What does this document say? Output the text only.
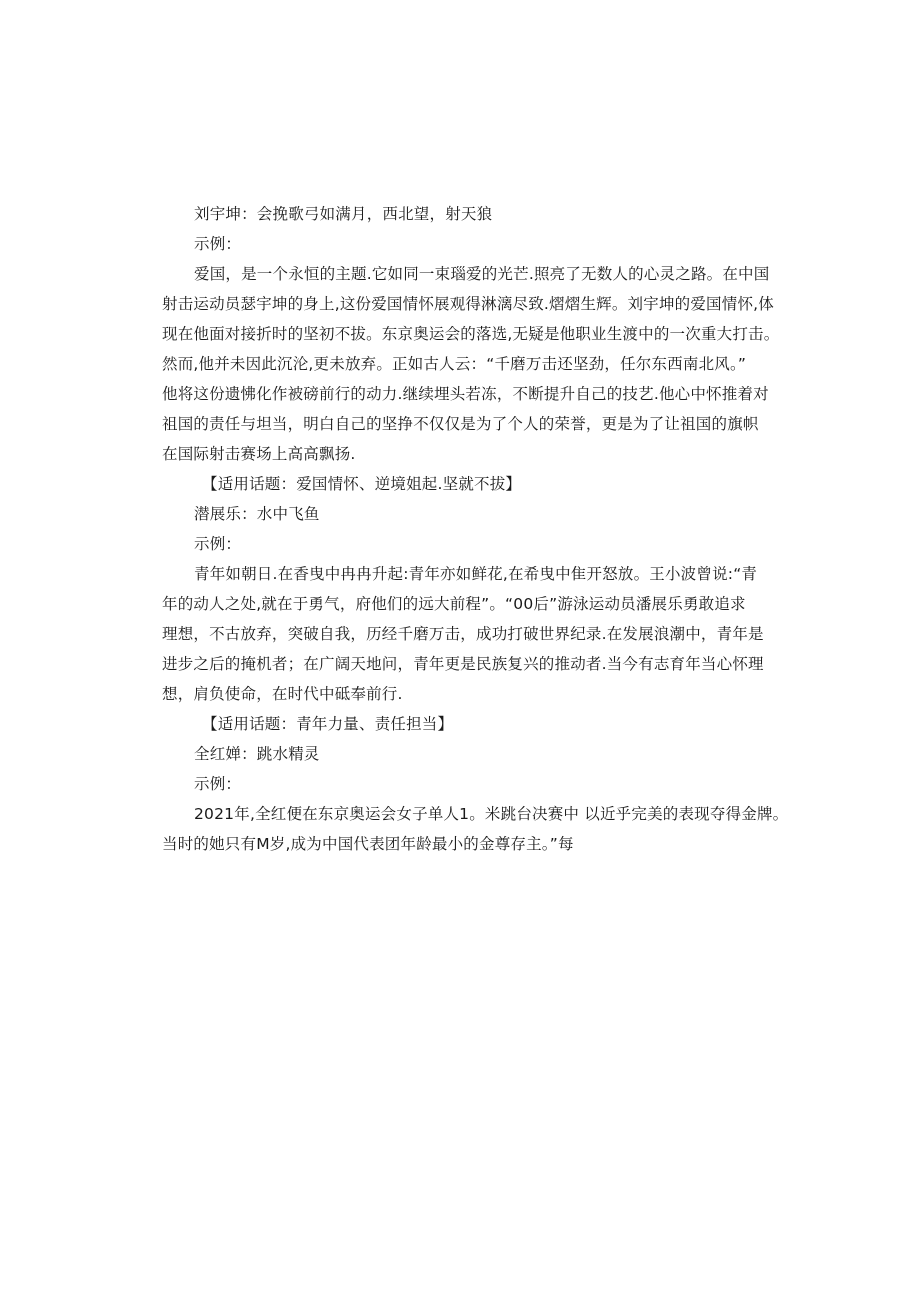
刘宇坤：会挽歌弓如满月，西北望，射天狼
示例：
爱国，是一个永恒的主题.它如同一束瑙爱的光芒.照亮了无数人的心灵之路。在中国
射击运动员瑟宇坤的身上,这份爱国情怀展观得淋漓尽致.熠熠生辉。刘宇坤的爱国情怀,体
现在他面对接折时的坚初不拔。东京奥运会的落选,无疑是他职业生渡中的一次重大打击。
然而,他并未因此沉沦,更未放弃。正如古人云：“千磨万击还坚劲，任尔东西南北风。”
他将这份遗怫化作被磅前行的动力.继续埋头若冻，不断提升自己的技艺.他心中怀推着对
祖国的责任与坦当，明白自己的坚挣不仅仅是为了个人的荣誉，更是为了让祖国的旗帜
在国际射击赛场上高高飘扬.
【适用话题：爱国情怀、逆境姐起.坚就不拔】
潜展乐：水中飞鱼
示例：
青年如朝日.在香曳中冉冉升起:青年亦如鲜花,在希曳中隹开怒放。王小波曾说:“青
年的动人之处,就在于勇气，府他们的远大前程”。“00后”游泳运动员潘展乐勇敢追求
理想，不古放弃，突破自我，历经千磨万击，成功打破世界纪录.在发展浪潮中，青年是
进步之后的掩机者；在广阔天地问，青年更是民族复兴的推动者.当今有志育年当心怀理
想，肩负使命，在时代中砥奉前行.
【适用话题：青年力量、责任担当】
全红婵：跳水精灵
示例：
2021年,全红便在东京奥运会女子单人1。米跳台决赛中 以近乎完美的表现夺得金牌。
当时的她只有M岁,成为中国代表团年龄最小的金尊存主。”每
